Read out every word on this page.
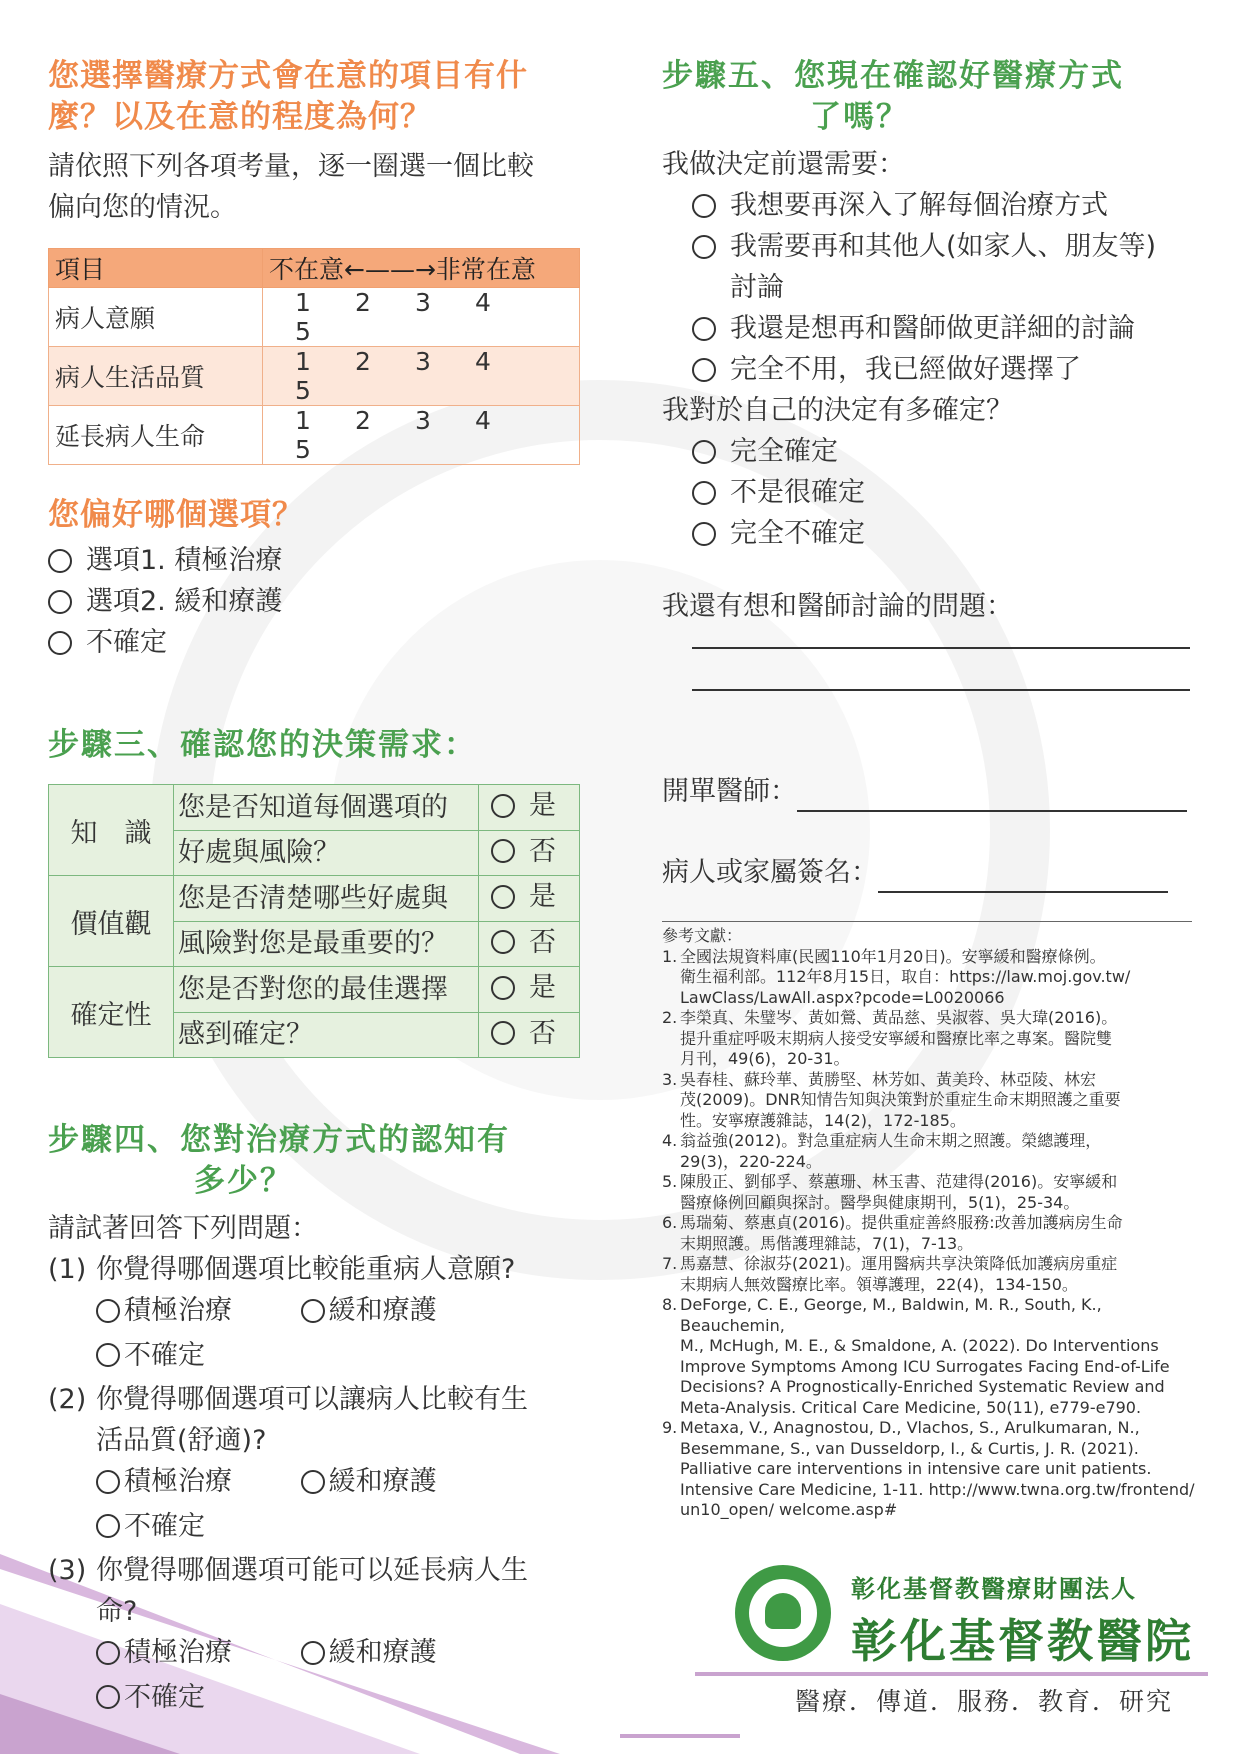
您選擇醫療方式會在意的項目有什
麼？以及在意的程度為何？
請依照下列各項考量，逐一圈選一個比較
偏向您的情況。
項目	不在意←——→非常在意
病人意願	1 2 3 45
病人生活品質	1 2 3 45
延長病人生命	1 2 3 45
您偏好哪個選項？
選項1. 積極治療
選項2. 緩和療護
不確定
步驟三、確認您的決策需求：
知　識	您是否知道每個選項的	是

	好處與風險？	否

價值觀	您是否清楚哪些好處與	是

	風險對您是最重要的？	否

確定性	您是否對您的最佳選擇	是

	感到確定？	否
步驟四、您對治療方式的認知有
多少？
請試著回答下列問題：
(1) 你覺得哪個選項比較能重病人意願?
積極治療
	緩和療護

不確定
(2) 你覺得哪個選項可以讓病人比較有生
活品質(舒適)?
積極治療
	緩和療護

不確定
(3) 你覺得哪個選項可能可以延長病人生
命?
積極治療
	緩和療護

不確定
步驟五、您現在確認好醫療方式
了嗎？
我做決定前還需要：
我想要再深入了解每個治療方式
我需要再和其他人(如家人、朋友等)
討論
我還是想再和醫師做更詳細的討論
完全不用，我已經做好選擇了
我對於自己的決定有多確定？
完全確定
不是很確定
完全不確定
我還有想和醫師討論的問題：
開單醫師：
病人或家屬簽名：
參考文獻：
1. 全國法規資料庫(民國110年1月20日)。安寧緩和醫療條例。
衛生福利部。112年8月15日，取自：https://law.moj.gov.tw/
LawClass/LawAll.aspx?pcode=L0020066
2. 李榮真、朱璧岑、黃如鶯、黃品慈、吳淑蓉、吳大瑋(2016)。
提升重症呼吸末期病人接受安寧緩和醫療比率之專案。醫院雙
月刊，49(6)，20-31。
3. 吳春桂、蘇玲華、黃勝堅、林芳如、黃美玲、林亞陵、林宏
茂(2009)。DNR知情告知與決策對於重症生命末期照護之重要
性。安寧療護雜誌，14(2)，172-185。
4. 翁益強(2012)。對急重症病人生命末期之照護。榮總護理，
29(3)，220-224。
5. 陳殷正、劉郁孚、蔡蕙珊、林玉書、范建得(2016)。安寧緩和
醫療條例回顧與探討。醫學與健康期刊，5(1)，25-34。
6. 馬瑞菊、蔡惠貞(2016)。提供重症善終服務:改善加護病房生命
末期照護。馬偕護理雜誌，7(1)，7-13。
7. 馬嘉慧、徐淑芬(2021)。運用醫病共享決策降低加護病房重症
末期病人無效醫療比率。領導護理，22(4)，134-150。
8. DeForge, C. E., George, M., Baldwin, M. R., South, K., Beauchemin,
M., McHugh, M. E., & Smaldone, A. (2022). Do Interventions
Improve Symptoms Among ICU Surrogates Facing End-of-Life
Decisions? A Prognostically-Enriched Systematic Review and
Meta-Analysis. Critical Care Medicine, 50(11), e779-e790.
9. Metaxa, V., Anagnostou, D., Vlachos, S., Arulkumaran, N.,
Besemmane, S., van Dusseldorp, I., & Curtis, J. R. (2021).
Palliative care interventions in intensive care unit patients.
Intensive Care Medicine, 1-11. http://www.twna.org.tw/frontend/
un10_open/ welcome.asp#
彰化基督教醫療財團法人
彰化基督教醫院
醫療．傳道．服務．教育．研究
